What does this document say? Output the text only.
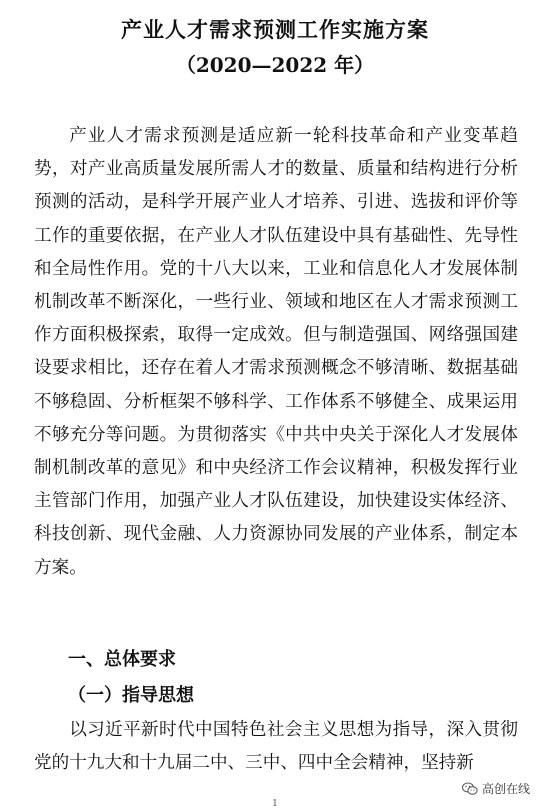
产业人才需求预测工作实施方案
（2020—2022 年）

产业人才需求预测是适应新一轮科技革命和产业变革趋势，对产业高质量发展所需人才的数量、质量和结构进行分析预测的活动，是科学开展产业人才培养、引进、选拔和评价等工作的重要依据，在产业人才队伍建设中具有基础性、先导性和全局性作用。党的十八大以来，工业和信息化人才发展体制机制改革不断深化，一些行业、领域和地区在人才需求预测工作方面积极探索，取得一定成效。但与制造强国、网络强国建设要求相比，还存在着人才需求预测概念不够清晰、数据基础不够稳固、分析框架不够科学、工作体系不够健全、成果运用不够充分等问题。为贯彻落实《中共中央关于深化人才发展体制机制改革的意见》和中央经济工作会议精神，积极发挥行业主管部门作用，加强产业人才队伍建设，加快建设实体经济、科技创新、现代金融、人力资源协同发展的产业体系，制定本方案。

一、总体要求

（一）指导思想

以习近平新时代中国特色社会主义思想为指导，深入贯彻党的十九大和十九届二中、三中、四中全会精神，坚持新

1
高创在线
